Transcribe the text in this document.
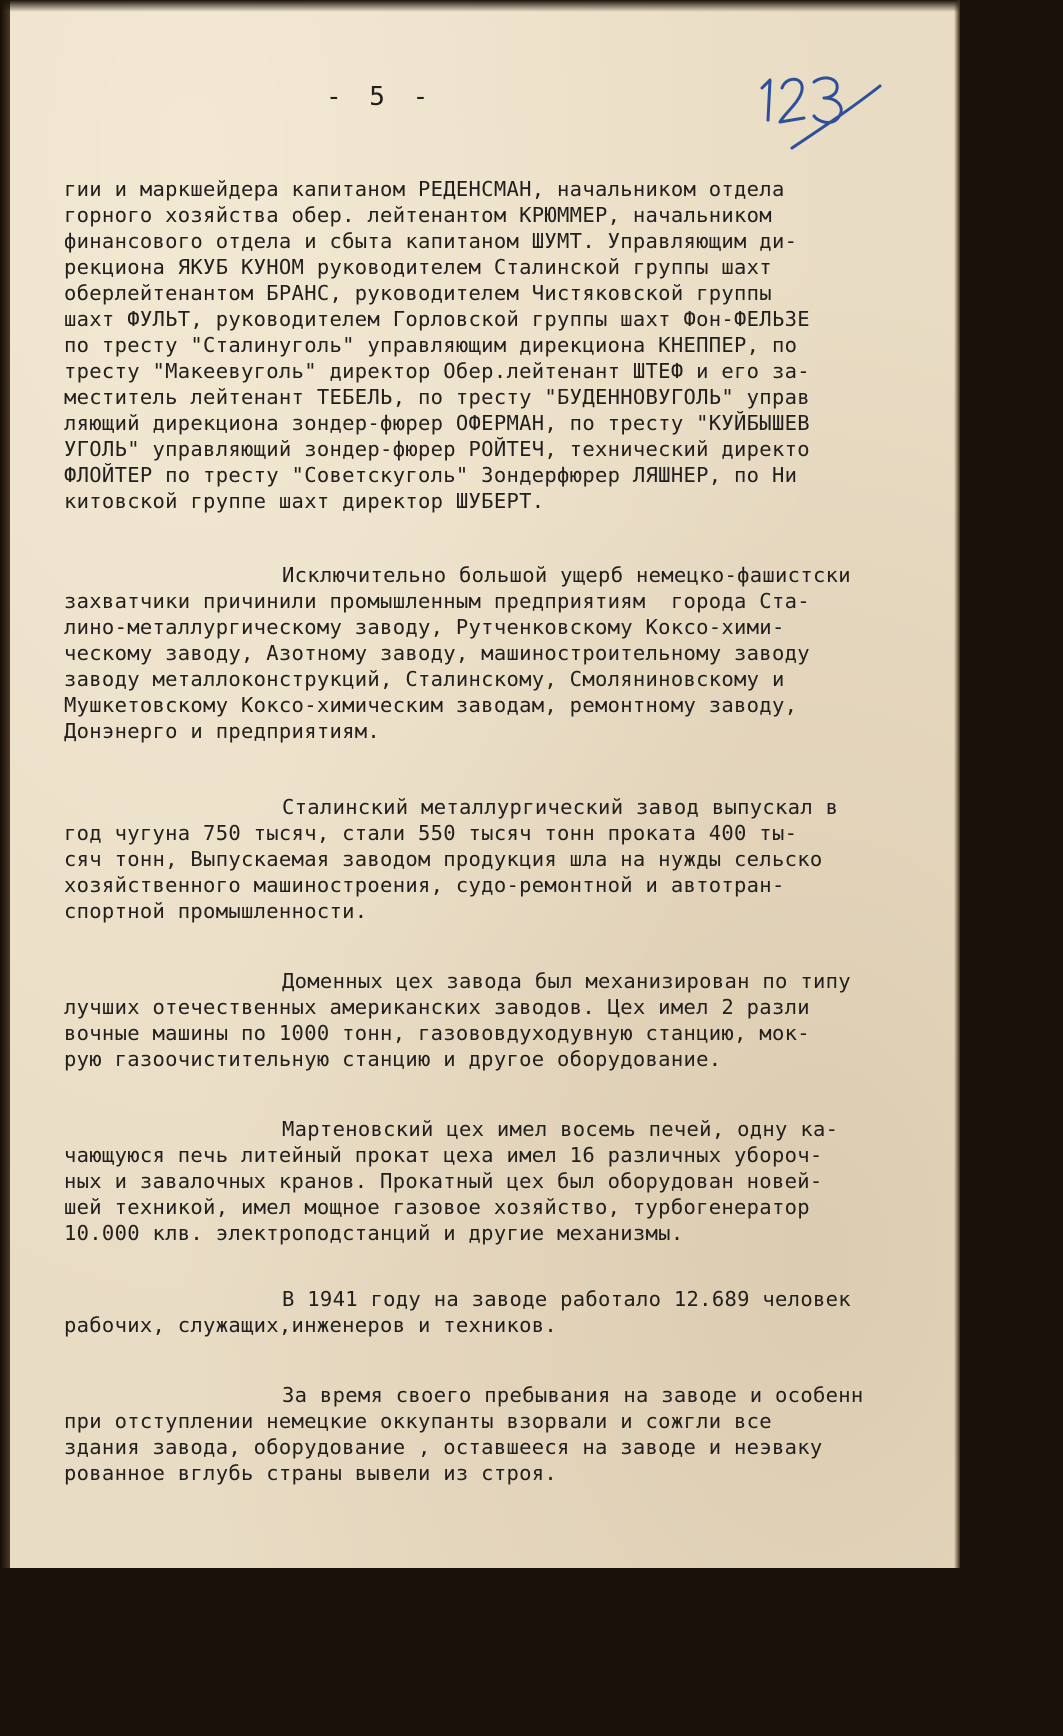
- 5 -
гии и маркшейдера капитаном РЕДЕНСМАН, начальником отдела
горного хозяйства обер. лейтенантом КРЮММЕР, начальником
финансового отдела и сбыта капитаном ШУМТ. Управляющим ди-
рекциона ЯКУБ КУНОМ руководителем Сталинской группы шахт
оберлейтенантом БРАНС, руководителем Чистяковской группы
шахт ФУЛЬТ, руководителем Горловской группы шахт Фон-ФЕЛЬЗЕ
по тресту "Сталинуголь" управляющим дирекциона КНЕППЕР, по
тресту "Макеевуголь" директор Обер.лейтенант ШТЕФ и его за-
меститель лейтенант ТЕБЕЛЬ, по тресту "БУДЕННОВУГОЛЬ" управ
ляющий дирекциона зондер-фюрер ОФЕРМАН, по тресту "КУЙБЫШЕВ
УГОЛЬ" управляющий зондер-фюрер РОЙТЕЧ, технический директо
ФЛОЙТЕР по тресту "Советскуголь" Зондерфюрер ЛЯШНЕР, по Ни
китовской группе шахт директор ШУБЕРТ.
Исключительно большой ущерб немецко-фашистски
захватчики причинили промышленным предприятиям  города Ста-
лино-металлургическому заводу, Рутченковскому Коксо-хими-
ческому заводу, Азотному заводу, машиностроительному заводу
заводу металлоконструкций, Сталинскому, Смоляниновскому и
Мушкетовскому Коксо-химическим заводам, ремонтному заводу,
Донэнерго и предприятиям.
Сталинский металлургический завод выпускал в
год чугуна 750 тысяч, стали 550 тысяч тонн проката 400 ты-
сяч тонн, Выпускаемая заводом продукция шла на нужды сельско
хозяйственного машиностроения, судо-ремонтной и автотран-
спортной промышленности.
Доменных цех завода был механизирован по типу
лучших отечественных американских заводов. Цех имел 2 разли
вочные машины по 1000 тонн, газововдуходувную станцию, мок-
рую газоочистительную станцию и другое оборудование.
Мартеновский цех имел восемь печей, одну ка-
чающуюся печь литейный прокат цеха имел 16 различных убороч-
ных и завалочных кранов. Прокатный цех был оборудован новей-
шей техникой, имел мощное газовое хозяйство, турбогенератор
10.000 клв. электроподстанций и другие механизмы.
В 1941 году на заводе работало 12.689 человек
рабочих, служащих,инженеров и техников.
За время своего пребывания на заводе и особенн
при отступлении немецкие оккупанты взорвали и сожгли все
здания завода, оборудование , оставшееся на заводе и неэваку
рованное вглубь страны вывели из строя.
